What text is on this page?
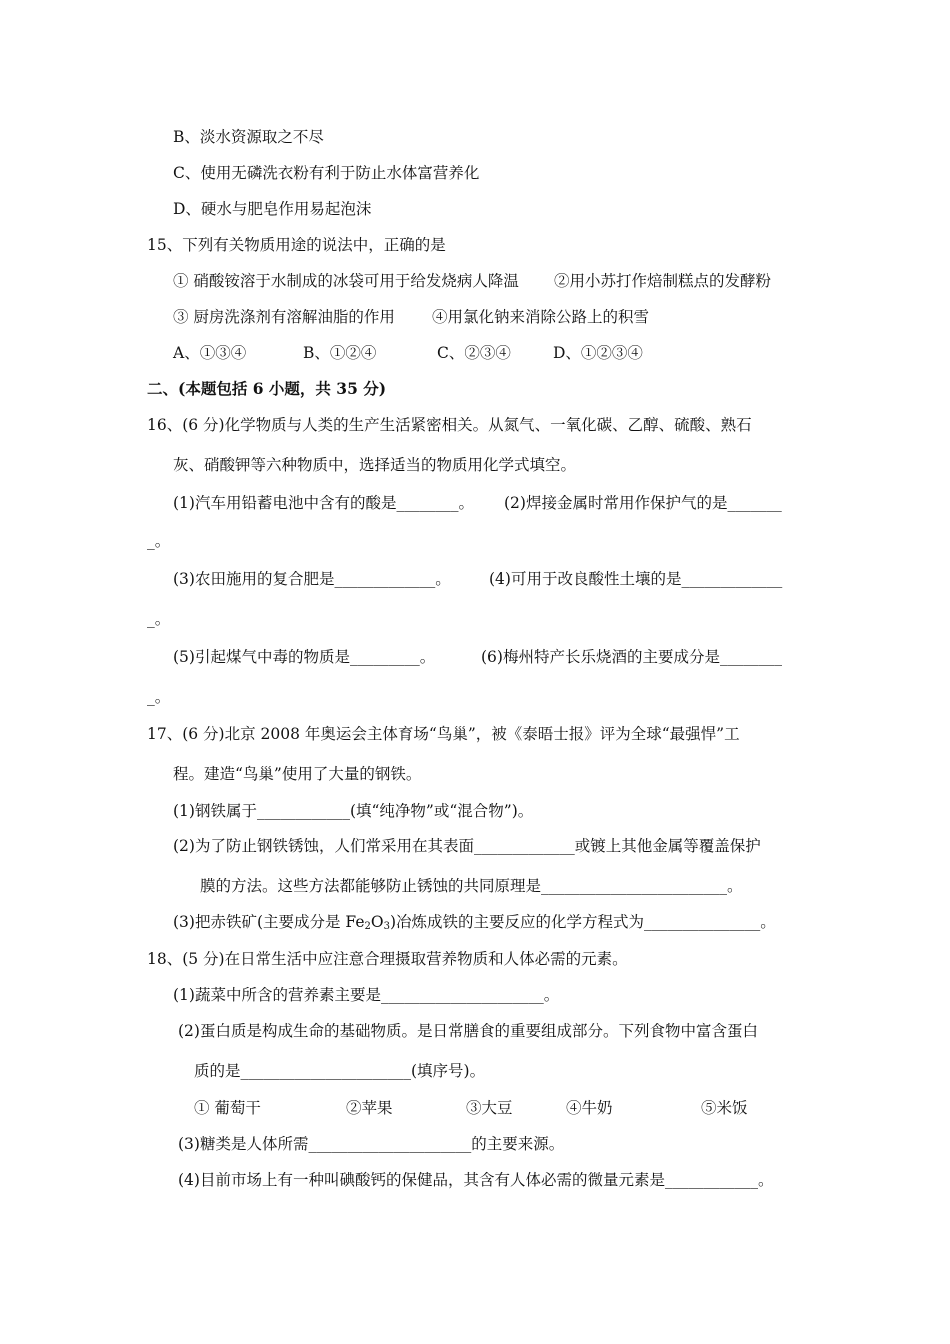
B、淡水资源取之不尽
C、使用无磷洗衣粉有利于防止水体富营养化
D、硬水与肥皂作用易起泡沫
15、下列有关物质用途的说法中，正确的是
① 硝酸铵溶于水制成的冰袋可用于给发烧病人降温 ②用小苏打作焙制糕点的发酵粉
③ 厨房洗涤剂有溶解油脂的作用 ④用氯化钠来消除公路上的积雪
A、①③④	B、①②④	C、②③④	D、①②③④
二、(本题包括 6 小题，共 35 分)
16、(6 分)化学物质与人类的生产生活紧密相关。从氮气、一氧化碳、乙醇、硫酸、熟石
灰、硝酸钾等六种物质中，选择适当的物质用化学式填空。
(1)汽车用铅蓄电池中含有的酸是________。 (2)焊接金属时常用作保护气的是_______
_。
(3)农田施用的复合肥是_____________。 (4)可用于改良酸性土壤的是_____________
_。
(5)引起煤气中毒的物质是_________。	(6)梅州特产长乐烧酒的主要成分是________
_。
17、(6 分)北京 2008 年奥运会主体育场“鸟巢”，被《泰晤士报》评为全球“最强悍”工
程。建造“鸟巢”使用了大量的钢铁。
(1)钢铁属于____________(填“纯净物”或“混合物”)。
(2)为了防止钢铁锈蚀，人们常采用在其表面_____________或镀上其他金属等覆盖保护
膜的方法。这些方法都能够防止锈蚀的共同原理是________________________。
(3)把赤铁矿(主要成分是 $Fe_2O_3$)冶炼成铁的主要反应的化学方程式为_______________。
18、(5 分)在日常生活中应注意合理摄取营养物质和人体必需的元素。
(1)蔬菜中所含的营养素主要是_____________________。
(2)蛋白质是构成生命的基础物质。是日常膳食的重要组成部分。下列食物中富含蛋白
质的是______________________(填序号)。
① 葡萄干	②苹果	③大豆	④牛奶	⑤米饭
(3)糖类是人体所需_____________________的主要来源。
(4)目前市场上有一种叫碘酸钙的保健品，其含有人体必需的微量元素是____________。
